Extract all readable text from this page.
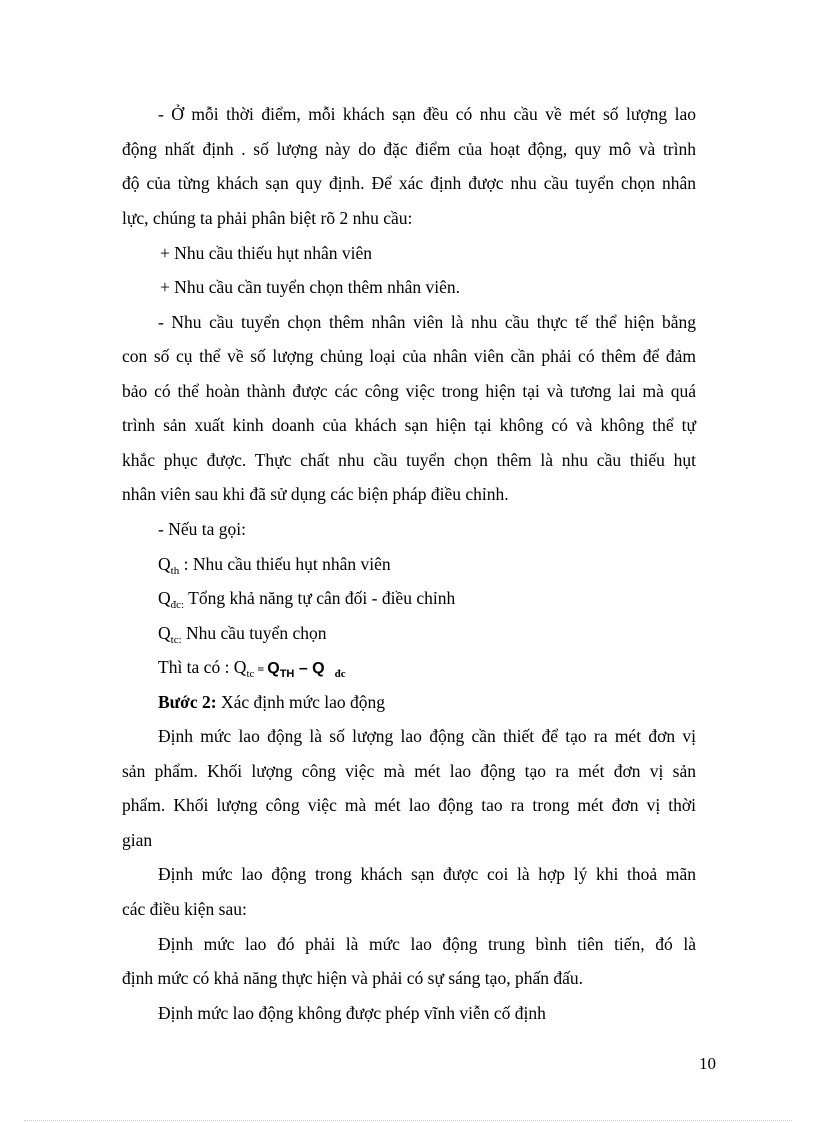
- Ở mỗi thời điểm, mỗi khách sạn đều có nhu cầu về mét số lượng lao
động nhất định . số lượng này do đặc điểm của hoạt động, quy mô và trình
độ của từng khách sạn quy định. Để xác định được nhu cầu tuyển chọn nhân
lực, chúng ta phải phân biệt rõ 2 nhu cầu:
+ Nhu cầu thiếu hụt nhân viên
+ Nhu cầu cần tuyển chọn thêm nhân viên.
- Nhu cầu tuyển chọn thêm nhân viên là nhu cầu thực tế thể hiện bằng
con số cụ thể về số lượng chủng loại của nhân viên cần phải có thêm để đảm
bảo có thể hoàn thành được các công việc trong hiện tại và tương lai mà quá
trình sản xuất kinh doanh của khách sạn hiện tại không có và không thể tự
khắc phục được. Thực chất nhu cầu tuyển chọn thêm là nhu cầu thiếu hụt
nhân viên sau khi đã sử dụng các biện pháp điều chỉnh.
- Nếu ta gọi:
$Q_{th}$ : Nhu cầu thiếu hụt nhân viên
$Q_{đc:}$ Tổng khả năng tự cân đối - điều chỉnh
$Q_{tc:}$ Nhu cầu tuyển chọn
Thì ta có : $Q_{tc} = Q_{TH} - Q$ $_{đc}$
Bước 2: Xác định mức lao động
Định mức lao động là số lượng lao động cần thiết để tạo ra mét đơn vị
sản phẩm. Khối lượng công việc mà mét lao động tạo ra mét đơn vị sản
phẩm. Khối lượng công việc mà mét lao động tao ra trong mét đơn vị thời
gian
Định mức lao động trong khách sạn được coi là hợp lý khi thoả mãn
các điều kiện sau:
Định mức lao đó phải là mức lao động trung bình tiên tiến, đó là
định mức có khả năng thực hiện và phải có sự sáng tạo, phấn đấu.
Định mức lao động không được phép vĩnh viễn cố định
10
